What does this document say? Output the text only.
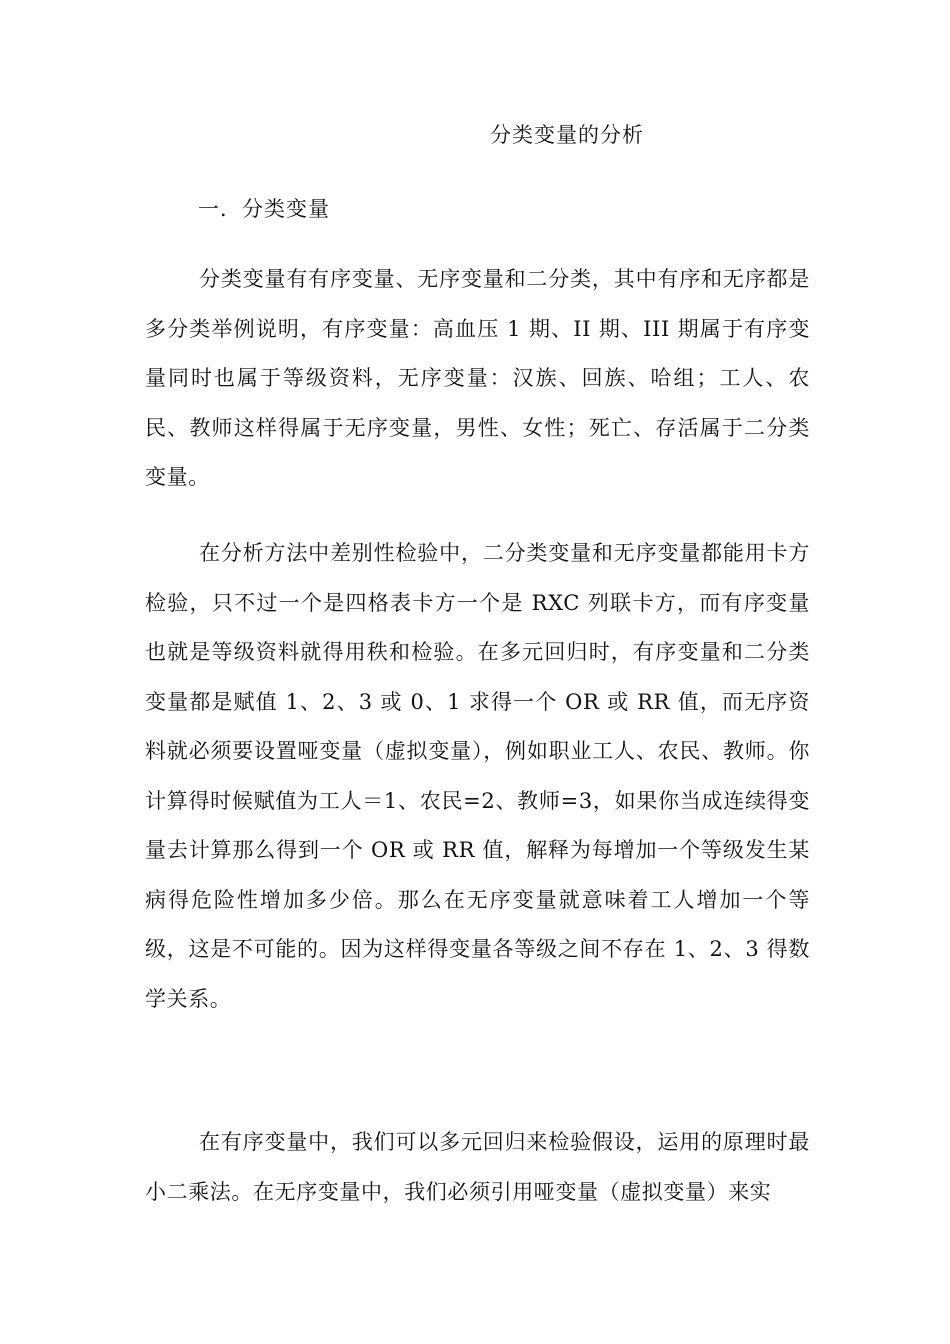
分类变量的分析
一．分类变量

分类变量有有序变量、无序变量和二分类，其中有序和无序都是多分类举例说明，有序变量：高血压 1 期、II 期、III 期属于有序变量同时也属于等级资料，无序变量：汉族、回族、哈组；工人、农民、教师这样得属于无序变量，男性、女性；死亡、存活属于二分类变量。

在分析方法中差别性检验中，二分类变量和无序变量都能用卡方检验，只不过一个是四格表卡方一个是 RXC 列联卡方，而有序变量也就是等级资料就得用秩和检验。在多元回归时，有序变量和二分类变量都是赋值 1、2、3 或 0、1 求得一个 OR 或 RR 值，而无序资料就必须要设置哑变量（虚拟变量），例如职业工人、农民、教师。你计算得时候赋值为工人＝1、农民=2、教师=3，如果你当成连续得变量去计算那么得到一个 OR 或 RR 值，解释为每增加一个等级发生某病得危险性增加多少倍。那么在无序变量就意味着工人增加一个等级，这是不可能的。因为这样得变量各等级之间不存在 1、2、3 得数学关系。

在有序变量中，我们可以多元回归来检验假设，运用的原理时最小二乘法。在无序变量中，我们必须引用哑变量（虚拟变量）来实
